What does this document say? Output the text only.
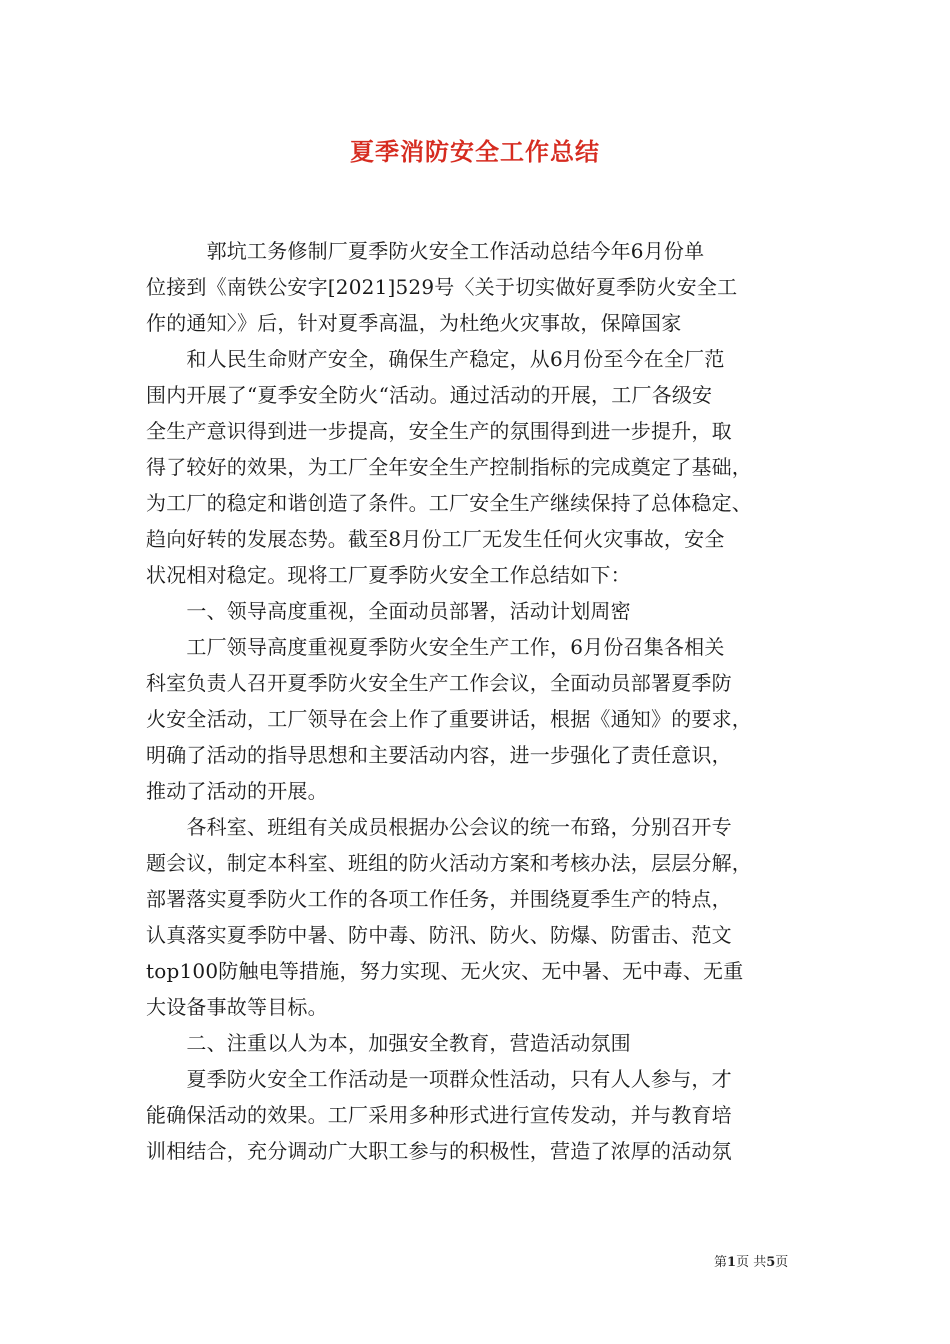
夏季消防安全工作总结
　　　郭坑工务修制厂夏季防火安全工作活动总结今年6月份单
位接到《南铁公安字[2021]529号〈关于切实做好夏季防火安全工
作的通知〉》后，针对夏季高温，为杜绝火灾事故，保障国家
　　和人民生命财产安全，确保生产稳定，从6月份至今在全厂范
围内开展了“夏季安全防火“活动。通过活动的开展，工厂各级安
全生产意识得到进一步提高，安全生产的氛围得到进一步提升，取
得了较好的效果，为工厂全年安全生产控制指标的完成奠定了基础，
为工厂的稳定和谐创造了条件。工厂安全生产继续保持了总体稳定、
趋向好转的发展态势。截至8月份工厂无发生任何火灾事故，安全
状况相对稳定。现将工厂夏季防火安全工作总结如下：
　　一、领导高度重视，全面动员部署，活动计划周密
　　工厂领导高度重视夏季防火安全生产工作，6月份召集各相关
科室负责人召开夏季防火安全生产工作会议，全面动员部署夏季防
火安全活动，工厂领导在会上作了重要讲话，根据《通知》的要求，
明确了活动的指导思想和主要活动内容，进一步强化了责任意识，
推动了活动的开展。
　　各科室、班组有关成员根据办公会议的统一布臵，分别召开专
题会议，制定本科室、班组的防火活动方案和考核办法，层层分解，
部署落实夏季防火工作的各项工作任务，并围绕夏季生产的特点，
认真落实夏季防中暑、防中毒、防汛、防火、防爆、防雷击、范文
top100防触电等措施，努力实现、无火灾、无中暑、无中毒、无重
大设备事故等目标。
　　二、注重以人为本，加强安全教育，营造活动氛围
　　夏季防火安全工作活动是一项群众性活动，只有人人参与，才
能确保活动的效果。工厂采用多种形式进行宣传发动，并与教育培
训相结合，充分调动广大职工参与的积极性，营造了浓厚的活动氛
第1页 共5页
